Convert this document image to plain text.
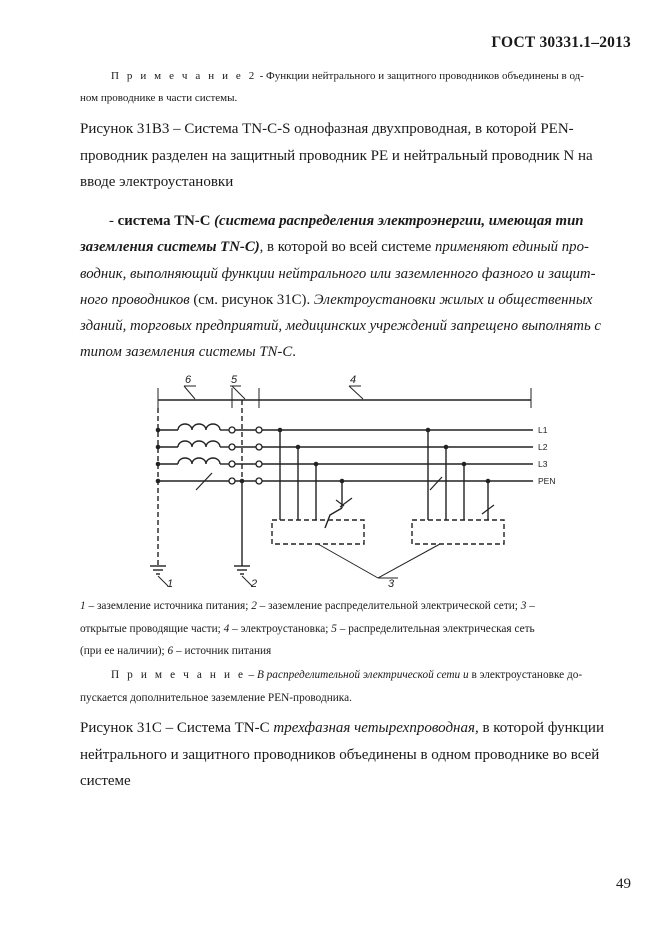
ГОСТ 30331.1–2013
П р и м е ч а н и е 2 - Функции нейтрального и защитного проводников объединены в од-
ном проводнике в части системы.
Рисунок 31В3 – Система TN-C-S однофазная двухпроводная, в которой PEN-
проводник разделен на защитный проводник PE и нейтральный проводник N на
вводе электроустановки
- система TN-C (система распределения электроэнергии, имеющая тип
заземления системы TN-C), в которой во всей системе применяют единый про-
водник, выполняющий функции нейтрального или заземленного фазного и защит-
ного проводников (см. рисунок 31С). Электроустановки жилых и общественных
зданий, торговых предприятий, медицинских учреждений запрещено выполнять с
типом заземления системы TN-C.
L1
L2
L3
PEN
6	5	4
1	2	3
1 – заземление источника питания; 2 – заземление распределительной электрической сети; 3 –
открытые проводящие части; 4 – электроустановка; 5 – распределительная электрическая сеть
(при ее наличии); 6 – источник питания
П р и м е ч а н и е – В распределительной электрической сети и в электроустановке до-
пускается дополнительное заземление PEN-проводника.
Рисунок 31С – Система TN-C трехфазная четырехпроводная, в которой функции
нейтрального и защитного проводников объединены в одном проводнике во всей
системе
49
